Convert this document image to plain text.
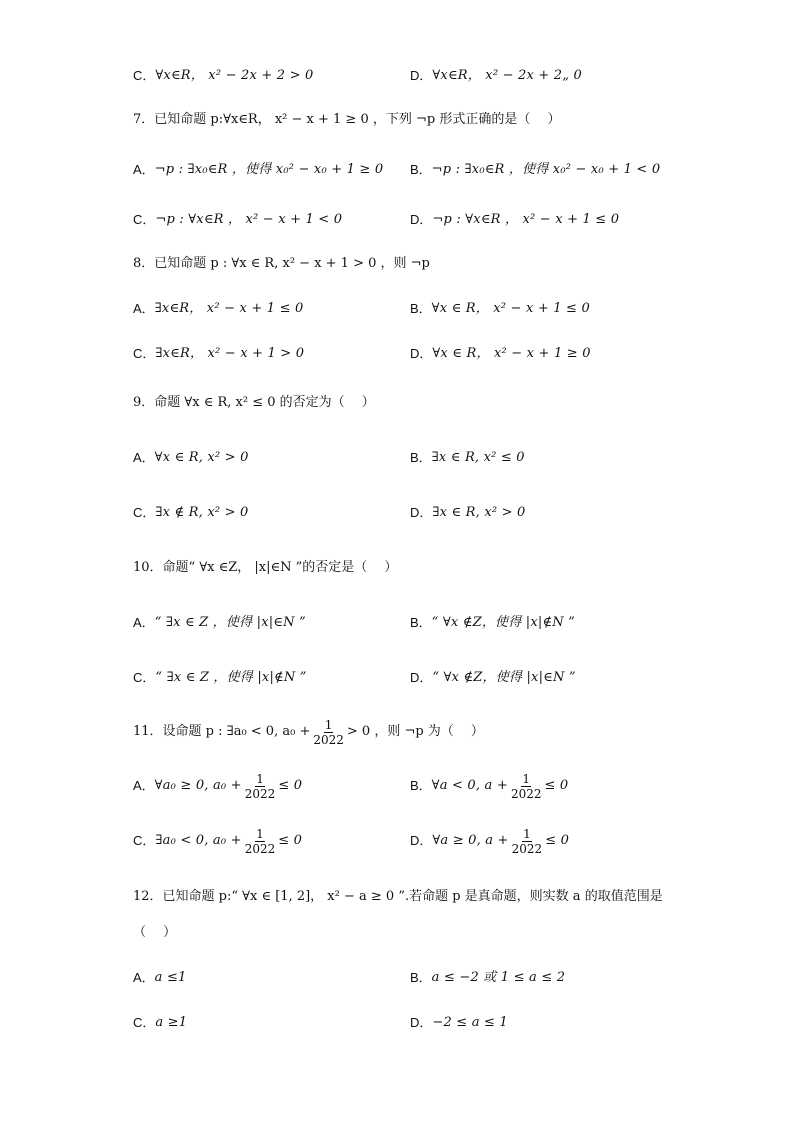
C． ∀x∈R， x² − 2x + 2 > 0	D． ∀x∈R， x² − 2x + 2„ 0
7．已知命题 p:∀x∈R， x² − x + 1 ≥ 0 ，下列 ¬p 形式正确的是（　 ）
A． ¬p : ∃x₀∈R ，使得 x₀² − x₀ + 1 ≥ 0 B． ¬p : ∃x₀∈R ，使得 x₀² − x₀ + 1 < 0
C． ¬p : ∀x∈R ， x² − x + 1 < 0	D． ¬p : ∀x∈R ， x² − x + 1 ≤ 0
8．已知命题 p : ∀x ∈ R, x² − x + 1 > 0 ，则 ¬p
A． ∃x∈R， x² − x + 1 ≤ 0	B． ∀x ∈ R， x² − x + 1 ≤ 0
C． ∃x∈R， x² − x + 1 > 0	D． ∀x ∈ R， x² − x + 1 ≥ 0
9．命题 ∀x ∈ R, x² ≤ 0 的否定为（　 ）
A． ∀x ∈ R, x² > 0	B． ∃x ∈ R, x² ≤ 0
C． ∃x ∉ R, x² > 0	D． ∃x ∈ R, x² > 0
10．命题“ ∀x ∈Z， |x|∈N ”的否定是（　 ）
A． “ ∃x ∈ Z ，使得 |x|∈N ”	B． “ ∀x ∉Z，使得 |x|∉N ”
C． “ ∃x ∈ Z ，使得 |x|∉N ”	D． “ ∀x ∉Z，使得 |x|∈N ”
11．设命题 p : ∃a₀ < 0, $a_0 + \frac{1}{2022} > 0$ ，则 ¬p 为（　 ）
A． ∀a₀ ≥ 0, $a_0 + \frac{1}{2022} \le 0$	B． ∀a < 0, $a + \frac{1}{2022} \le 0$
C． ∃a₀ < 0, $a_0 + \frac{1}{2022} \le 0$	D． ∀a ≥ 0, $a + \frac{1}{2022} \le 0$
12．已知命题 p:“ ∀x ∈ [1, 2]， x² − a ≥ 0 ”.若命题 p 是真命题，则实数 a 的取值范围是
（　 ）
A． a ≤1	B． a ≤ −2 或 1 ≤ a ≤ 2
C． a ≥1	D． −2 ≤ a ≤ 1
